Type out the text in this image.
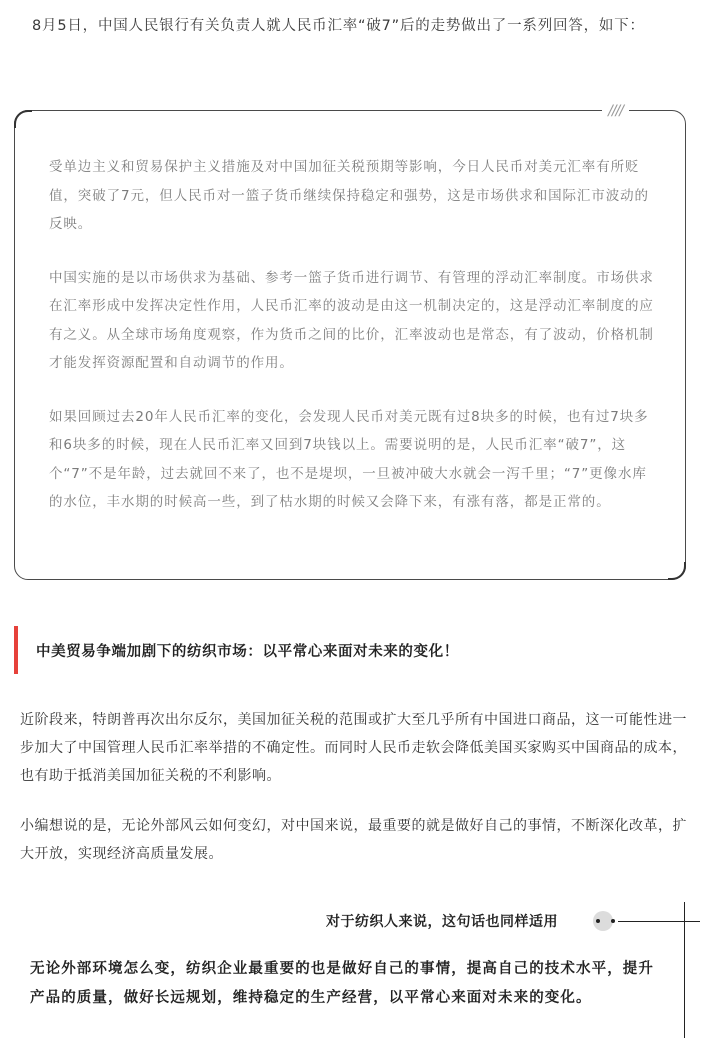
8月5日，中国人民银行有关负责人就人民币汇率“破7”后的走势做出了一系列回答，如下：
////

受单边主义和贸易保护主义措施及对中国加征关税预期等影响，今日人民币对美元汇率有所贬值，突破了7元，但人民币对一篮子货币继续保持稳定和强势，这是市场供求和国际汇市波动的反映。

中国实施的是以市场供求为基础、参考一篮子货币进行调节、有管理的浮动汇率制度。市场供求在汇率形成中发挥决定性作用，人民币汇率的波动是由这一机制决定的，这是浮动汇率制度的应有之义。从全球市场角度观察，作为货币之间的比价，汇率波动也是常态，有了波动，价格机制才能发挥资源配置和自动调节的作用。

如果回顾过去20年人民币汇率的变化，会发现人民币对美元既有过8块多的时候，也有过7块多和6块多的时候，现在人民币汇率又回到7块钱以上。需要说明的是，人民币汇率“破7”，这个“7”不是年龄，过去就回不来了，也不是堤坝，一旦被冲破大水就会一泻千里；“7”更像水库的水位，丰水期的时候高一些，到了枯水期的时候又会降下来，有涨有落，都是正常的。

中美贸易争端加剧下的纺织市场：以平常心来面对未来的变化！

近阶段来，特朗普再次出尔反尔，美国加征关税的范围或扩大至几乎所有中国进口商品，这一可能性进一步加大了中国管理人民币汇率举措的不确定性。而同时人民币走软会降低美国买家购买中国商品的成本，也有助于抵消美国加征关税的不利影响。

小编想说的是，无论外部风云如何变幻，对中国来说，最重要的就是做好自己的事情，不断深化改革，扩大开放，实现经济高质量发展。

对于纺织人来说，这句话也同样适用
无论外部环境怎么变，纺织企业最重要的也是做好自己的事情，提高自己的技术水平，提升产品的质量，做好长远规划，维持稳定的生产经营，以平常心来面对未来的变化。
